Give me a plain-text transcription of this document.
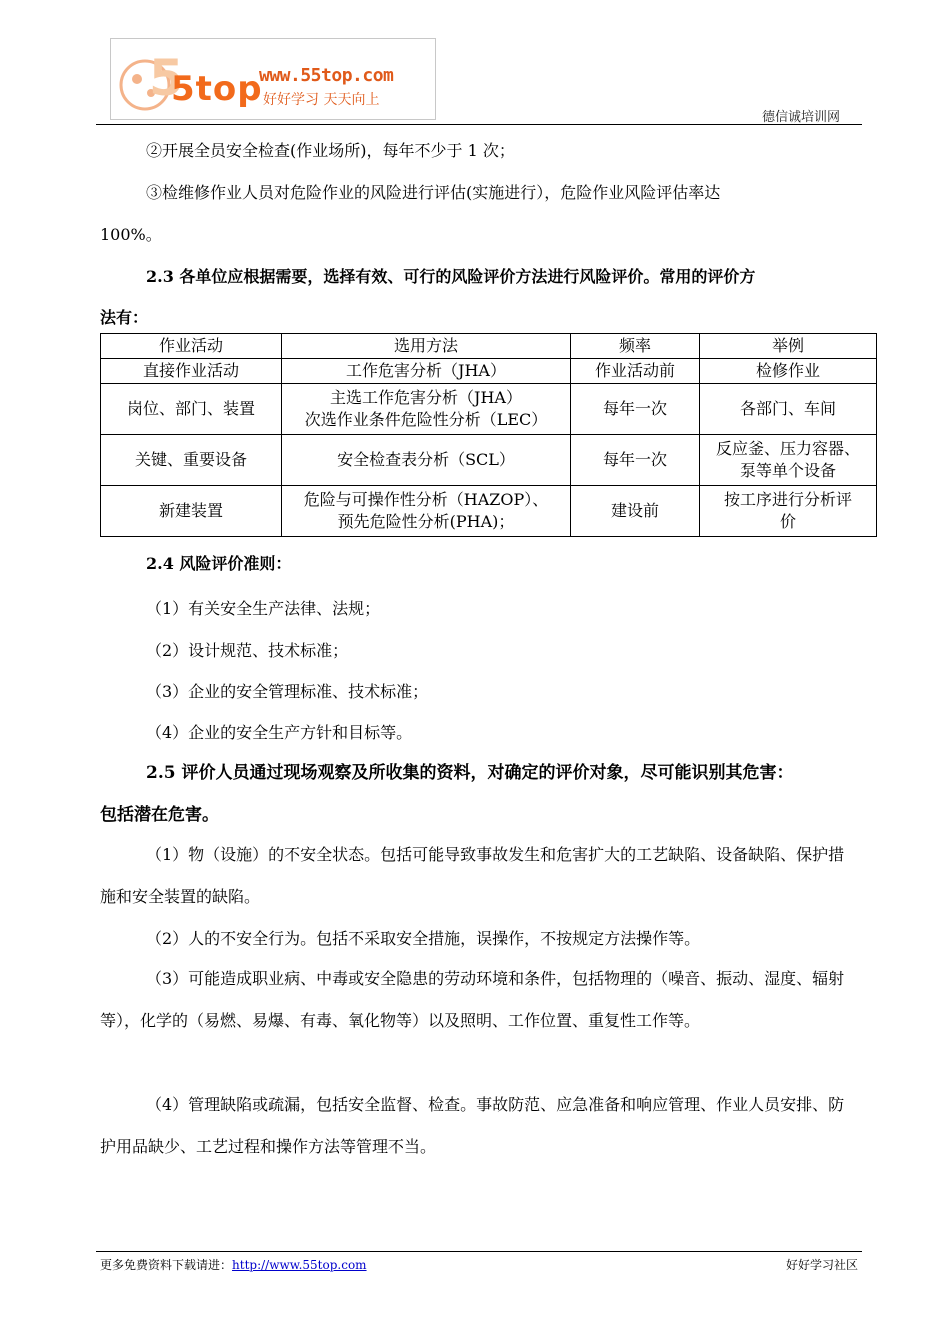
5
5top
www.55top.com
好好学习 天天向上
德信诚培训网
②开展全员安全检查(作业场所)，每年不少于 1 次；
③检维修作业人员对危险作业的风险进行评估(实施进行），危险作业风险评估率达
100%。
2.3 各单位应根据需要，选择有效、可行的风险评价方法进行风险评价。常用的评价方
法有：
作业活动	选用方法	频率	举例
直接作业活动	工作危害分析（JHA）	作业活动前	检修作业
岗位、部门、装置	主选工作危害分析（JHA）
次选作业条件危险性分析（LEC）	每年一次	各部门、车间
关键、重要设备	安全检查表分析（SCL）	每年一次	反应釜、压力容器、
泵等单个设备
新建装置	危险与可操作性分析（HAZOP）、
预先危险性分析(PHA)；	建设前	按工序进行分析评
价
2.4 风险评价准则：
（1）有关安全生产法律、法规；
（2）设计规范、技术标准；
（3）企业的安全管理标准、技术标准；
（4）企业的安全生产方针和目标等。
2.5 评价人员通过现场观察及所收集的资料，对确定的评价对象，尽可能识别其危害：
包括潜在危害。
（1）物（设施）的不安全状态。包括可能导致事故发生和危害扩大的工艺缺陷、设备缺陷、保护措施和安全装置的缺陷。
（2）人的不安全行为。包括不采取安全措施，误操作，不按规定方法操作等。
（3）可能造成职业病、中毒或安全隐患的劳动环境和条件，包括物理的（噪音、振动、湿度、辐射等），化学的（易燃、易爆、有毒、氧化物等）以及照明、工作位置、重复性工作等。
（4）管理缺陷或疏漏，包括安全监督、检查。事故防范、应急准备和响应管理、作业人员安排、防护用品缺少、工艺过程和操作方法等管理不当。
更多免费资料下载请进：http://www.55top.com	好好学习社区
